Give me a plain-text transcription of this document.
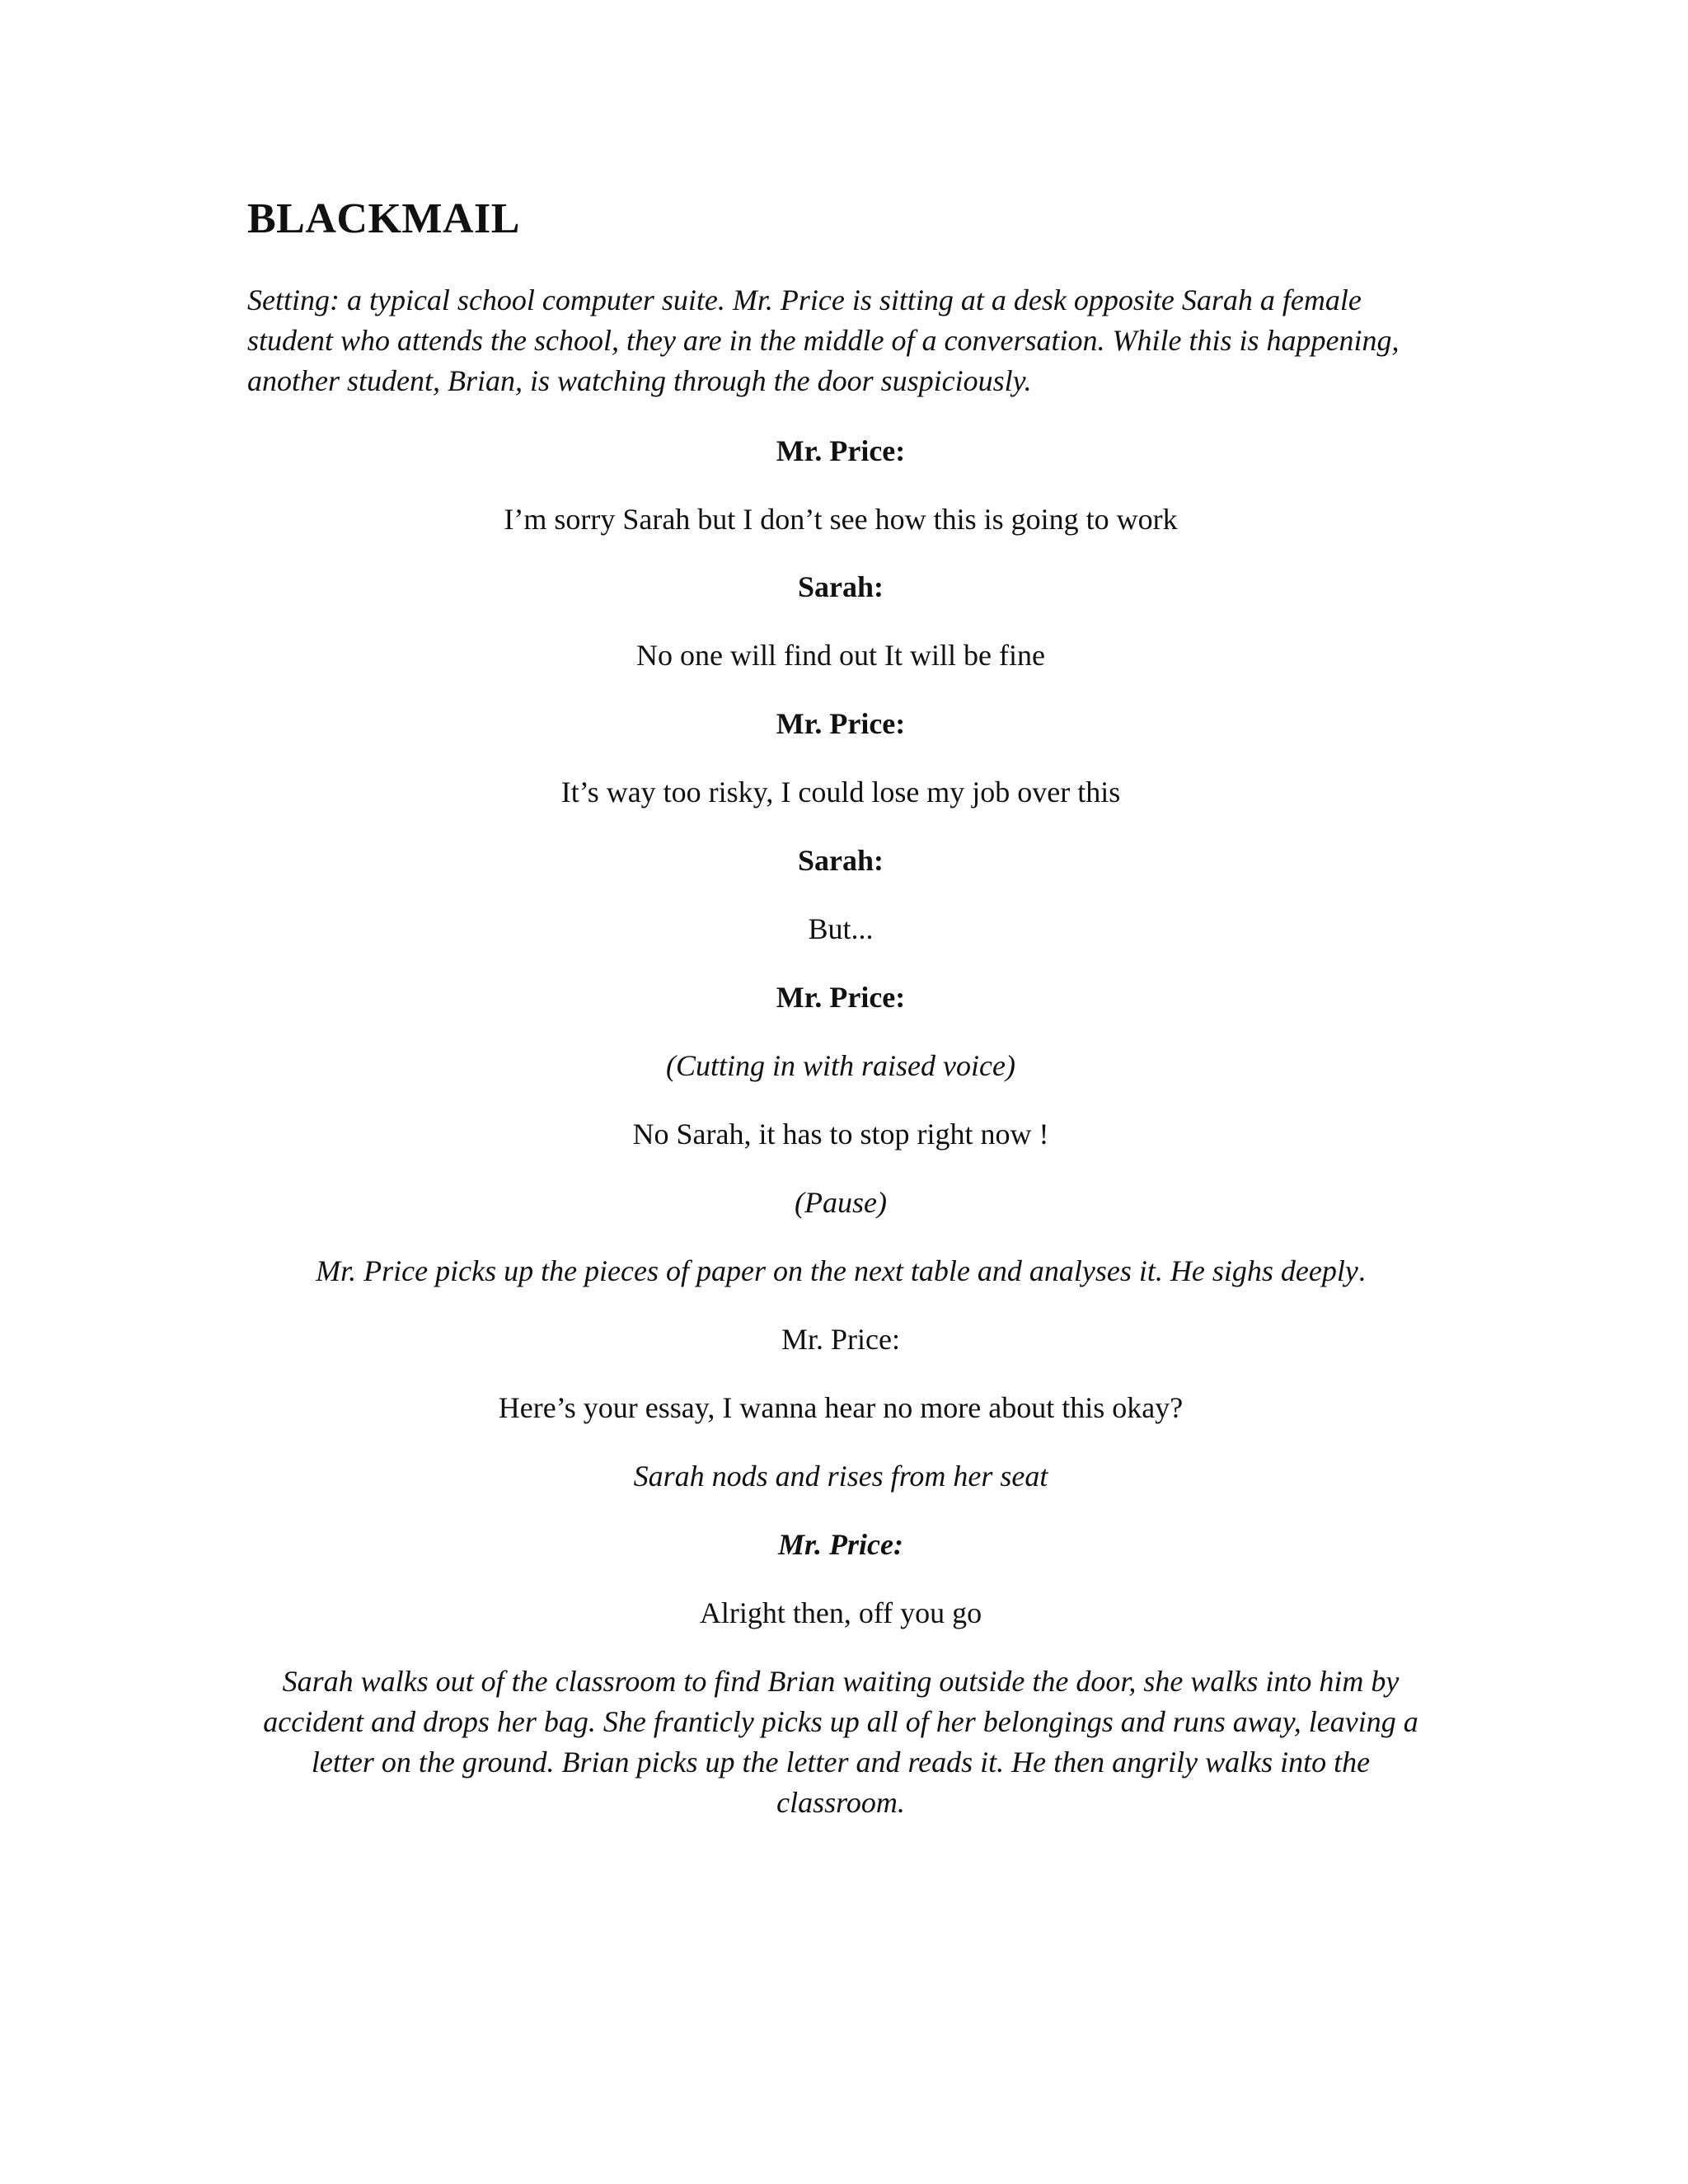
BLACKMAIL
Setting: a typical school computer suite. Mr. Price is sitting at a desk opposite Sarah a female student who attends the school, they are in the middle of a conversation. While this is happening, another student, Brian, is watching through the door suspiciously.
Mr. Price:
I’m sorry Sarah but I don’t see how this is going to work
Sarah:
No one will find out It will be fine
Mr. Price:
It’s way too risky, I could lose my job over this
Sarah:
But...
Mr. Price:
(Cutting in with raised voice)
No Sarah, it has to stop right now !
(Pause)
Mr. Price picks up the pieces of paper on the next table and analyses it. He sighs deeply.
Mr. Price:
Here’s your essay, I wanna hear no more about this okay?
Sarah nods and rises from her seat
Mr. Price:
Alright then, off you go
Sarah walks out of the classroom to find Brian waiting outside the door, she walks into him by accident and drops her bag. She franticly picks up all of her belongings and runs away, leaving a letter on the ground. Brian picks up the letter and reads it. He then angrily walks into the classroom.
